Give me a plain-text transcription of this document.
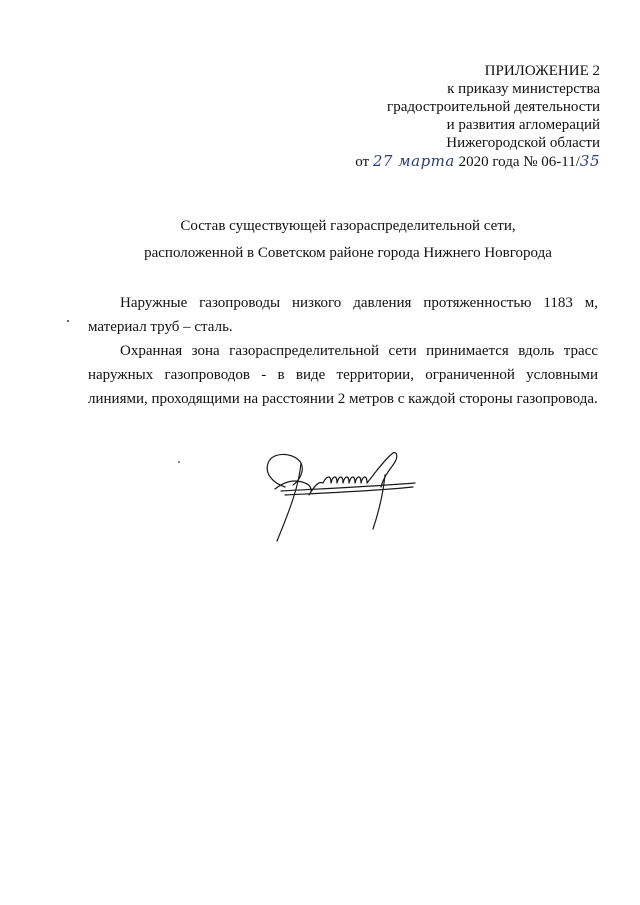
ПРИЛОЖЕНИЕ 2
к приказу министерства
градостроительной деятельности
и развития агломераций
Нижегородской области
от 27 марта 2020 года № 06-11/35
Состав существующей газораспределительной сети,
расположенной в Советском районе города Нижнего Новгорода

Наружные газопроводы низкого давления протяженностью 1183 м, материал труб – сталь.

Охранная зона газораспределительной сети принимается вдоль трасс наружных газопроводов - в виде территории, ограниченной условными линиями, проходящими на расстоянии 2 метров с каждой стороны газопровода.
